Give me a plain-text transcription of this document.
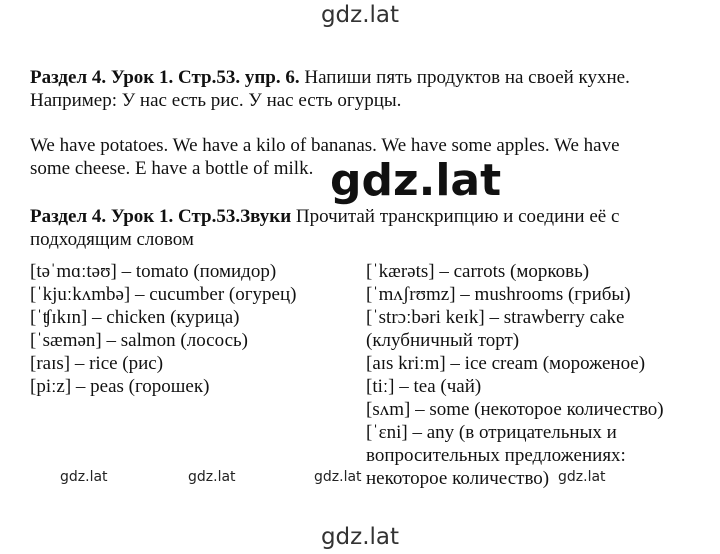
gdz.lat
Раздел 4. Урок 1. Стр.53. упр. 6. Напиши пять продуктов на своей кухне.
Например: У нас есть рис. У нас есть огурцы.
We have potatoes. We have a kilo of bananas. We have some apples. We have
some cheese. E have a bottle of milk. gdz.lat
Раздел 4. Урок 1. Стр.53.Звуки Прочитай транскрипцию и соедини её с
подходящим словом
[təˈmɑːtəʊ] – tomato (помидор)
[ˈkjuːkʌmbə] – cucumber (огурец)
[ˈʧɪkɪn] – chicken (курица)
[ˈsæmən] – salmon (лосось)
[raɪs] – rice (рис)
[piːz] – peas (горошек)
[ˈkærəts] – carrots (морковь)
[ˈmʌʃrʊmz] – mushrooms (грибы)
[ˈstrɔːbəri keɪk] – strawberry cake
(клубничный торт)
[aɪs kriːm] – ice cream (мороженое)
[tiː] – tea (чай)
[sʌm] – some (некоторое количество)
[ˈɛni] – any (в отрицательных и
вопросительных предложениях:
некоторое количество)
gdz.lat	gdz.lat	gdz.lat	gdz.lat
gdz.lat
